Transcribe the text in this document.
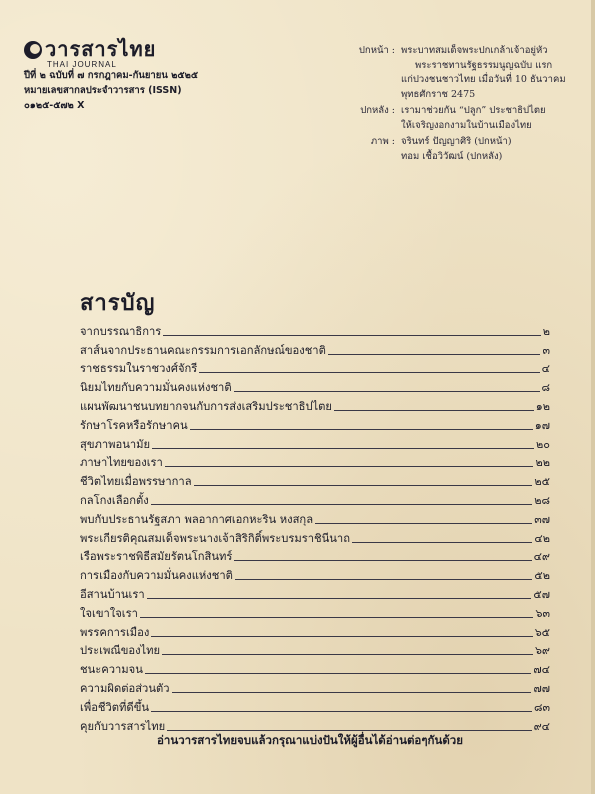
วารสารไทย
THAI JOURNAL
ปีที่ ๒ ฉบับที่ ๗ กรกฎาคม-กันยายน ๒๕๒๕
หมายเลขสากลประจำวารสาร (ISSN)
๐๑๒๕-๕๗๒ X
ปกหน้า : พระบาทสมเด็จพระปกเกล้าเจ้าอยู่หัว
พระราชทานรัฐธรรมนูญฉบับ แรก
แก่ปวงชนชาวไทย เมื่อวันที่ 10 ธันวาคม
พุทธศักราช 2475
ปกหลัง : เรามาช่วยกัน “ปลูก” ประชาธิปไตย
ให้เจริญงอกงามในบ้านเมืองไทย
ภาพ : จรินทร์ ปัญญาศิริ (ปกหน้า)
ทอม เชื้อวิวัฒน์ (ปกหลัง)
สารบัญ
จากบรรณาธิการ	๒
สาส์นจากประธานคณะกรรมการเอกลักษณ์ของชาติ	๓
ราชธรรมในราชวงศ์จักรี	๔
นิยมไทยกับความมั่นคงแห่งชาติ	๘
แผนพัฒนาชนบทยากจนกับการส่งเสริมประชาธิปไตย	๑๒
รักษาโรคหรือรักษาคน	๑๗
สุขภาพอนามัย	๒๐
ภาษาไทยของเรา	๒๒
ชีวิตไทยเมื่อพรรษากาล	๒๕
กลโกงเลือกตั้ง	๒๘
พบกับประธานรัฐสภา พลอากาศเอกหะริน หงสกุล	๓๗
พระเกียรติคุณสมเด็จพระนางเจ้าสิริกิติ์พระบรมราชินีนาถ	๔๒
เรือพระราชพิธีสมัยรัตนโกสินทร์	๔๙
การเมืองกับความมั่นคงแห่งชาติ	๕๒
อีสานบ้านเรา	๕๗
ใจเขาใจเรา	๖๓
พรรคการเมือง	๖๕
ประเพณีของไทย	๖๙
ชนะความจน	๗๔
ความผิดต่อส่วนตัว	๗๗
เพื่อชีวิตที่ดีขึ้น	๘๓
คุยกับวารสารไทย	๙๔
อ่านวารสารไทยจบแล้วกรุณาแบ่งปันให้ผู้อื่นได้อ่านต่อๆกันด้วย
